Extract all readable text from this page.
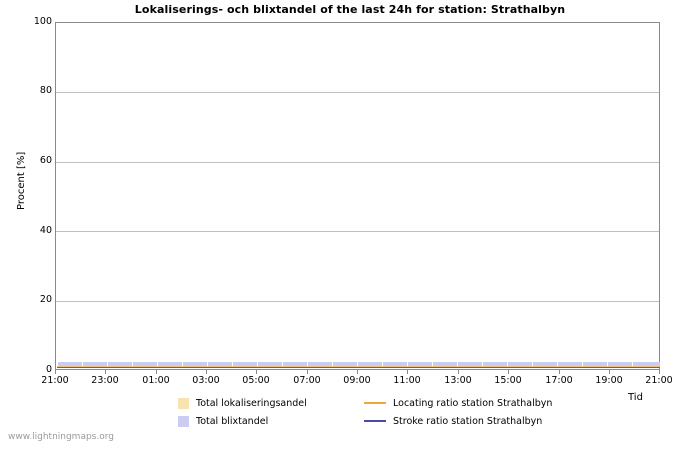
Lokaliserings- och blixtandel of the last 24h for station: Strathalbyn
Procent [%]
100
80
60
40
20
0
21:00	23:00	01:00	03:00	05:00	07:00	09:00	11:00	13:00	15:00	17:00	19:00	21:00
Tid
Total lokaliseringsandel	Locating ratio station Strathalbyn
Total blixtandel	Stroke ratio station Strathalbyn
www.lightningmaps.org
